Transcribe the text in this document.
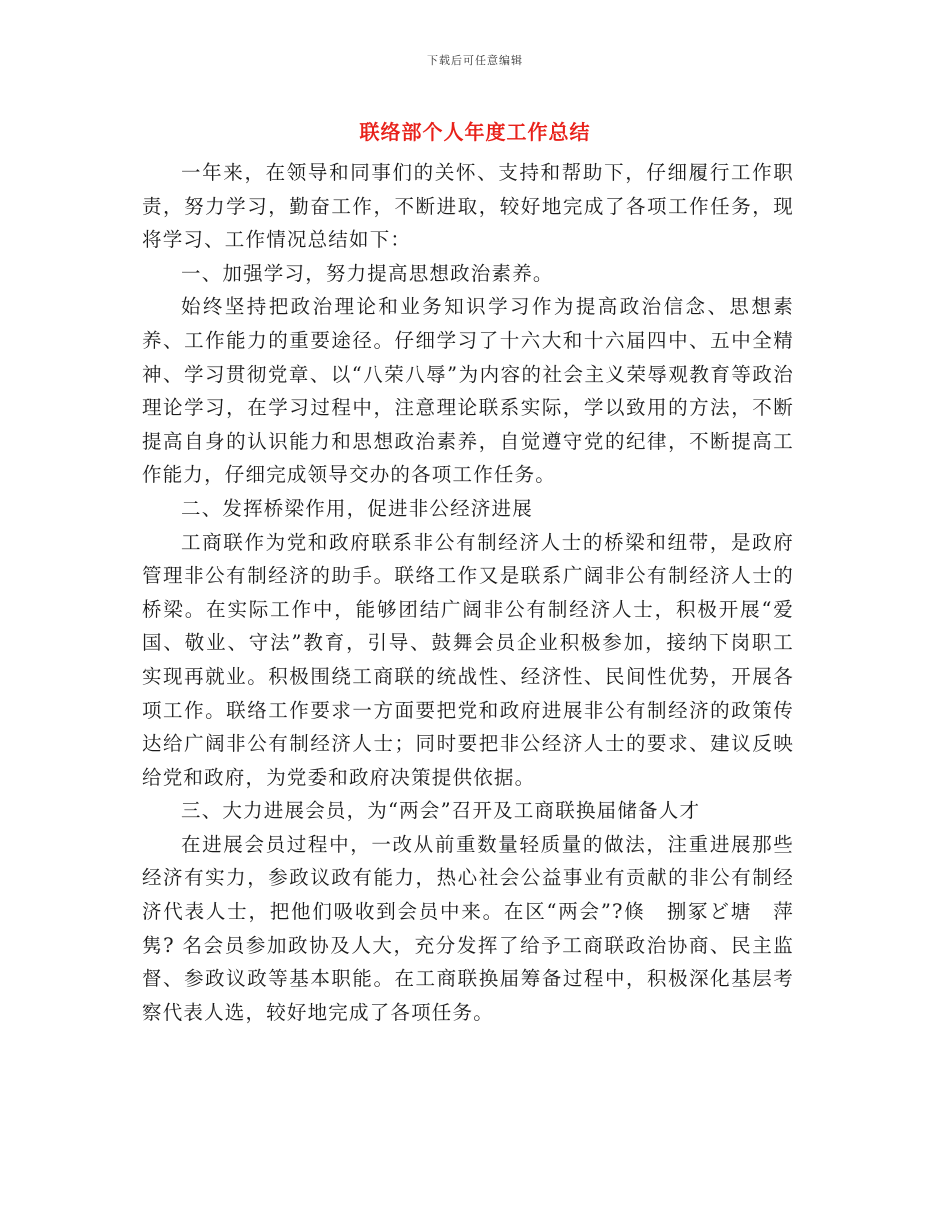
下载后可任意编辑
联络部个人年度工作总结

一年来，在领导和同事们的关怀、支持和帮助下，仔细履行工作职责，努力学习，勤奋工作，不断进取，较好地完成了各项工作任务，现将学习、工作情况总结如下：

一、加强学习，努力提高思想政治素养。

始终坚持把政治理论和业务知识学习作为提高政治信念、思想素养、工作能力的重要途径。仔细学习了十六大和十六届四中、五中全精神、学习贯彻党章、以“八荣八辱”为内容的社会主义荣辱观教育等政治理论学习，在学习过程中，注意理论联系实际，学以致用的方法，不断提高自身的认识能力和思想政治素养，自觉遵守党的纪律，不断提高工作能力，仔细完成领导交办的各项工作任务。

二、发挥桥梁作用，促进非公经济进展

工商联作为党和政府联系非公有制经济人士的桥梁和纽带，是政府管理非公有制经济的助手。联络工作又是联系广阔非公有制经济人士的桥梁。在实际工作中，能够团结广阔非公有制经济人士，积极开展“爱国、敬业、守法”教育，引导、鼓舞会员企业积极参加，接纳下岗职工实现再就业。积极围绕工商联的统战性、经济性、民间性优势，开展各项工作。联络工作要求一方面要把党和政府进展非公有制经济的政策传达给广阔非公有制经济人士；同时要把非公经济人士的要求、建议反映给党和政府，为党委和政府决策提供依据。

三、大力进展会员，为“两会”召开及工商联换届储备人才

在进展会员过程中，一改从前重数量轻质量的做法，注重进展那些经济有实力，参政议政有能力，热心社会公益事业有贡献的非公有制经济代表人士，把他们吸收到会员中来。在区“两会”?倏　捌冢ど塘　萍隽? 名会员参加政协及人大，充分发挥了给予工商联政治协商、民主监督、参政议政等基本职能。在工商联换届筹备过程中，积极深化基层考察代表人选，较好地完成了各项任务。
